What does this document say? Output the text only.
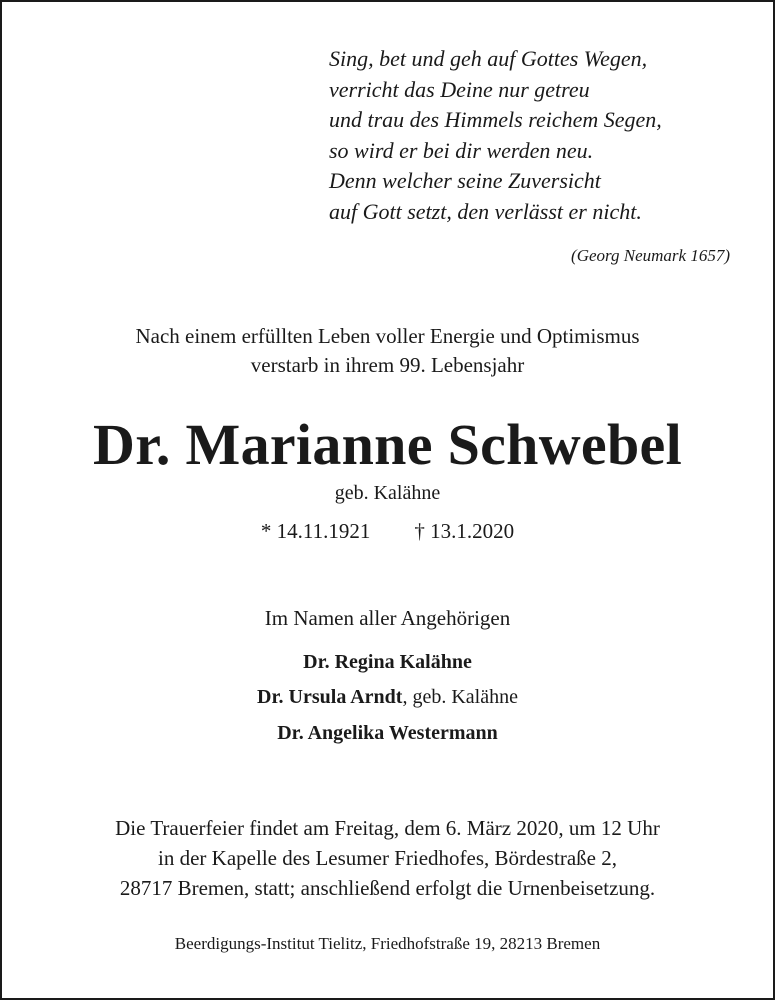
Sing, bet und geh auf Gottes Wegen,
verricht das Deine nur getreu
und trau des Himmels reichem Segen,
so wird er bei dir werden neu.
Denn welcher seine Zuversicht
auf Gott setzt, den verlässt er nicht.
(Georg Neumark 1657)
Nach einem erfüllten Leben voller Energie und Optimismus
verstarb in ihrem 99. Lebensjahr
Dr. Marianne Schwebel
geb. Kalähne
* 14.11.1921 † 13.1.2020
Im Namen aller Angehörigen
Dr. Regina Kalähne
Dr. Ursula Arndt, geb. Kalähne
Dr. Angelika Westermann
Die Trauerfeier findet am Freitag, dem 6. März 2020, um 12 Uhr
in der Kapelle des Lesumer Friedhofes, Bördestraße 2,
28717 Bremen, statt; anschließend erfolgt die Urnenbeisetzung.
Beerdigungs-Institut Tielitz, Friedhofstraße 19, 28213 Bremen
